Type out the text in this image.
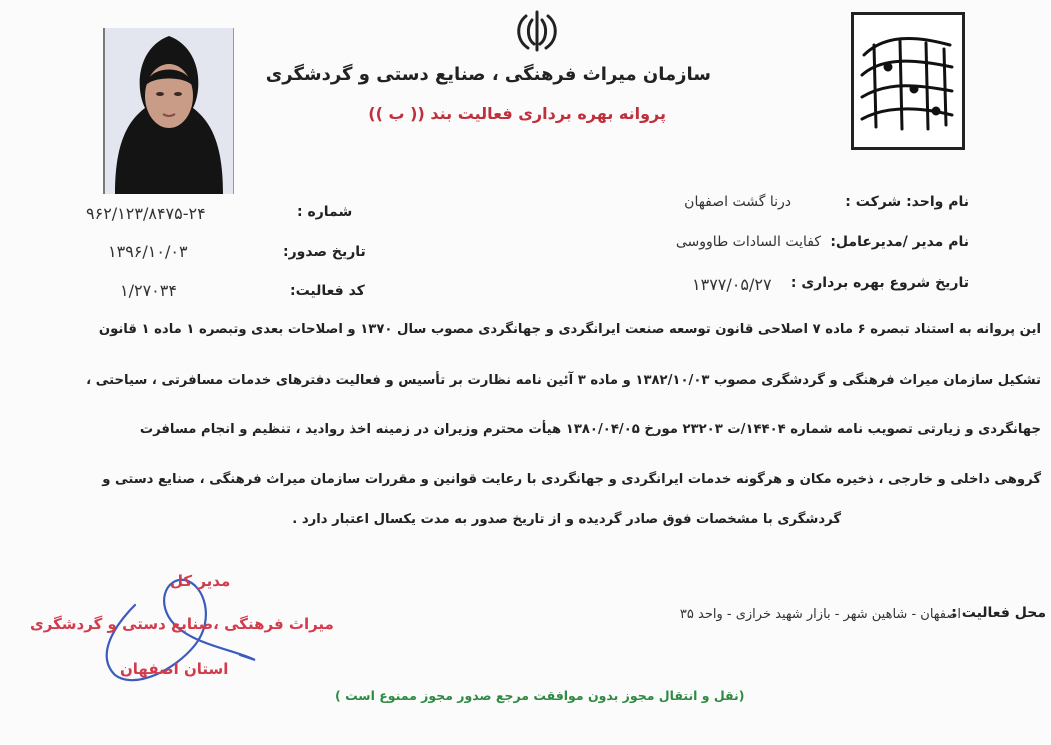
سازمان میراث فرهنگی ، صنایع دستی و گردشگری
پروانه بهره برداری فعالیت بند (( ب ))
نام واحد: شرکت :
درنا گشت اصفهان
نام مدیر /مدیرعامل:
کفایت السادات طاووسی
تاریخ شروع بهره برداری :
۱۳۷۷/۰۵/۲۷
شماره :
۹۶۲/۱۲۳/۸۴۷۵-۲۴
تاریخ صدور:
۱۳۹۶/۱۰/۰۳
کد فعالیت:
۱/۲۷۰۳۴
این پروانه به استناد تبصره ۶ ماده ۷ اصلاحی قانون توسعه صنعت ایرانگردی و جهانگردی مصوب سال ۱۳۷۰ و اصلاحات بعدی وتبصره ۱ ماده ۱ قانون
تشکیل سازمان میراث فرهنگی و گردشگری مصوب ۱۳۸۲/۱۰/۰۳ و ماده ۳ آئین نامه نظارت بر تأسیس و فعالیت دفترهای خدمات مسافرتی ، سیاحتی ،
جهانگردی و زیارتی تصویب نامه شماره ۱۴۴۰۴/ت ۲۳۲۰۳ مورخ ۱۳۸۰/۰۴/۰۵ هیأت محترم وزیران در زمینه اخذ روادید ، تنظیم و انجام مسافرت
گروهی داخلی و خارجی ، ذخیره مکان و هرگونه خدمات ایرانگردی و جهانگردی با رعایت قوانین و مقررات سازمان میراث فرهنگی ، صنایع دستی و
گردشگری با مشخصات فوق صادر گردیده و از تاریخ صدور به مدت یکسال اعتبار دارد .
محل فعالیت :
اصفهان - شاهین شهر - بازار شهید خرازی - واحد ۳۵
مدیر کل
میراث فرهنگی ،صنایع دستی و گردشگری
استان اصفهان
(نقل و انتقال مجوز بدون موافقت مرجع صدور مجوز ممنوع است )
